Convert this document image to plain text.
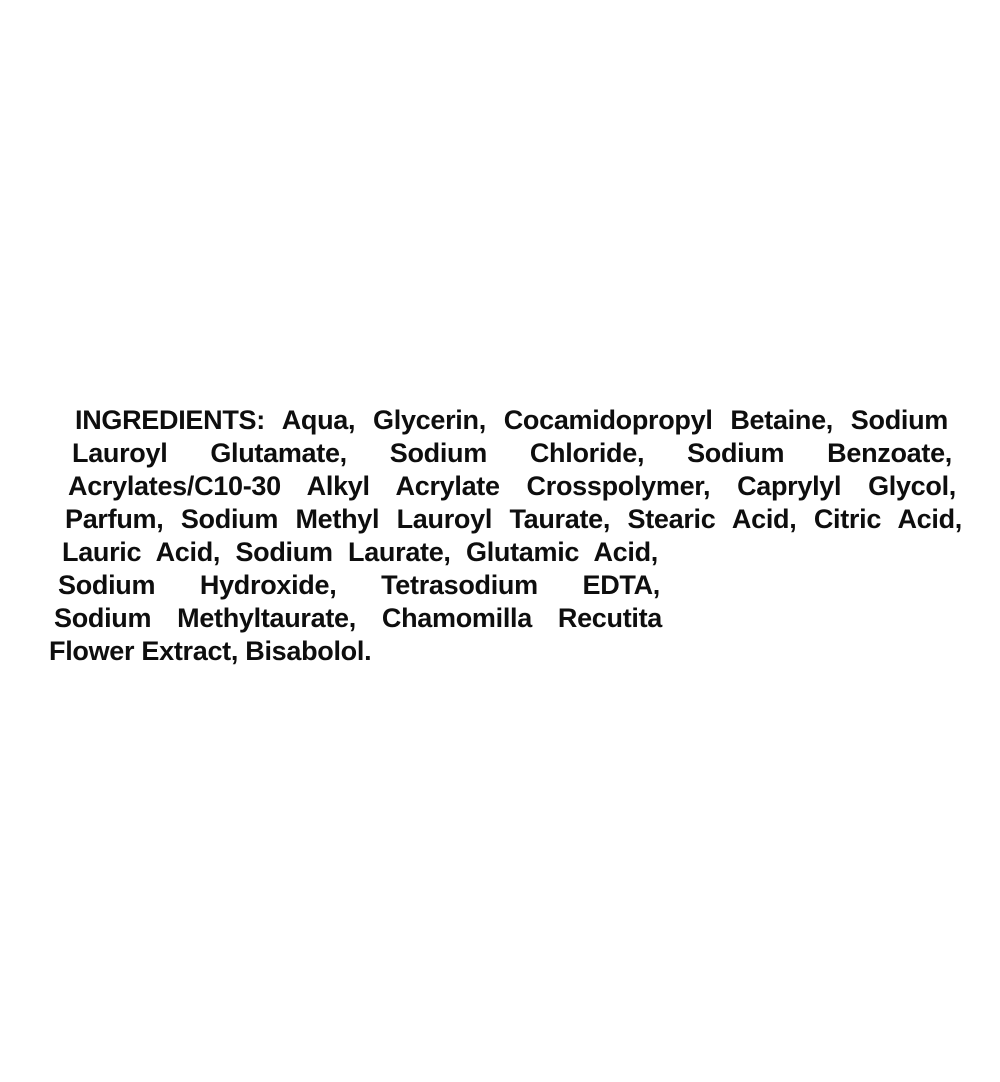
INGREDIENTS: Aqua, Glycerin, Cocamidopropyl Betaine, Sodium
Lauroyl Glutamate, Sodium Chloride, Sodium Benzoate,
Acrylates/C10-30 Alkyl Acrylate Crosspolymer, Caprylyl Glycol,
Parfum, Sodium Methyl Lauroyl Taurate, Stearic Acid, Citric Acid,
Lauric Acid, Sodium Laurate, Glutamic Acid,
Sodium Hydroxide, Tetrasodium EDTA,
Sodium Methyltaurate, Chamomilla Recutita
Flower Extract, Bisabolol.
